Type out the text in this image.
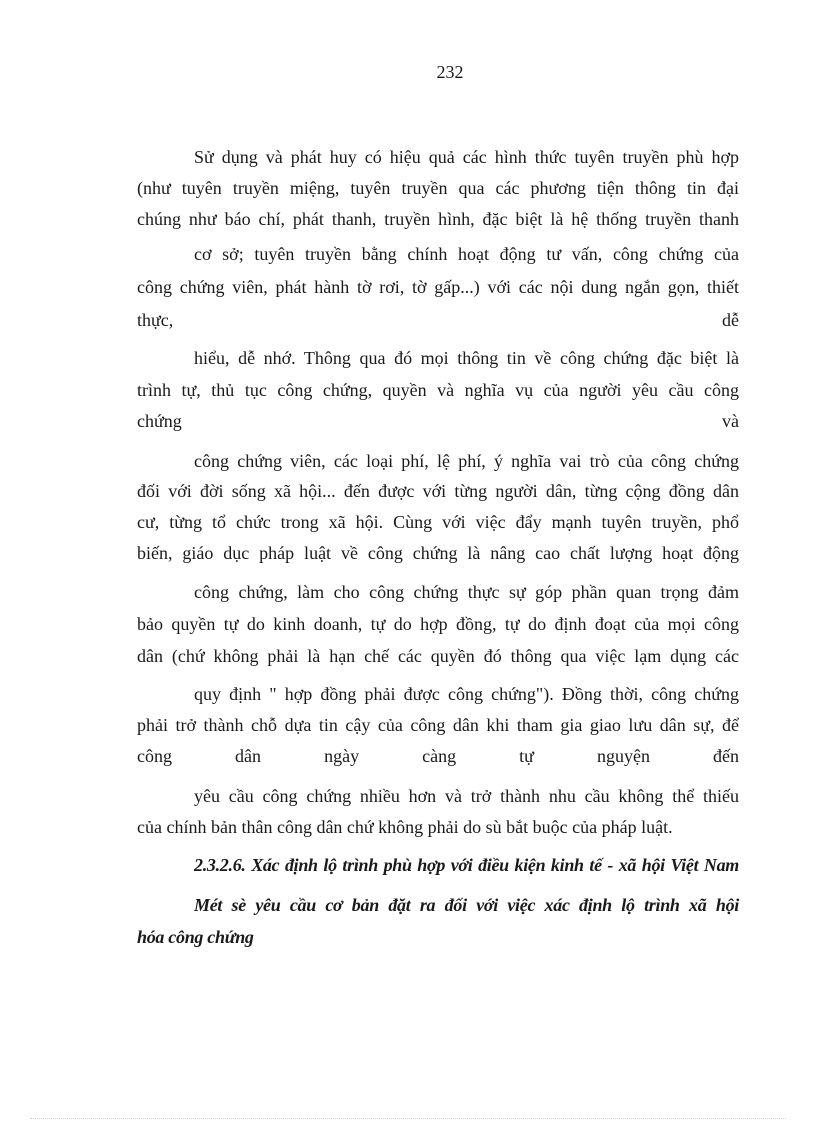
232
Sử dụng và phát huy có hiệu quả các hình thức tuyên truyền phù hợp
(như tuyên truyền miệng, tuyên truyền qua các phương tiện thông tin đại
chúng như báo chí, phát thanh, truyền hình, đặc biệt là hệ thống truyền thanh
cơ sở; tuyên truyền bằng chính hoạt động tư vấn, công chứng của
công chứng viên, phát hành tờ rơi, tờ gấp...) với các nội dung ngắn gọn, thiết
thực, dễ
hiểu, dễ nhớ. Thông qua đó mọi thông tin về công chứng đặc biệt là
trình tự, thủ tục công chứng, quyền và nghĩa vụ của người yêu cầu công
chứng và
công chứng viên, các loại phí, lệ phí, ý nghĩa vai trò của công chứng
đối với đời sống xã hội... đến được với từng người dân, từng cộng đồng dân
cư, từng tổ chức trong xã hội. Cùng với việc đẩy mạnh tuyên truyền, phổ
biến, giáo dục pháp luật về công chứng là nâng cao chất lượng hoạt động
công chứng, làm cho công chứng thực sự góp phần quan trọng đảm
bảo quyền tự do kinh doanh, tự do hợp đồng, tự do định đoạt của mọi công
dân (chứ không phải là hạn chế các quyền đó thông qua việc lạm dụng các
quy định " hợp đồng phải được công chứng"). Đồng thời, công chứng
phải trở thành chỗ dựa tin cậy của công dân khi tham gia giao lưu dân sự, để
công dân ngày càng tự nguyện đến
yêu cầu công chứng nhiều hơn và trở thành nhu cầu không thể thiếu
của chính bản thân công dân chứ không phải do sù bắt buộc của pháp luật.
2.3.2.6. Xác định lộ trình phù hợp với điều kiện kinh tế - xã hội Việt Nam
Mét sè yêu cầu cơ bản đặt ra đối với việc xác định lộ trình xã hội
hóa công chứng
